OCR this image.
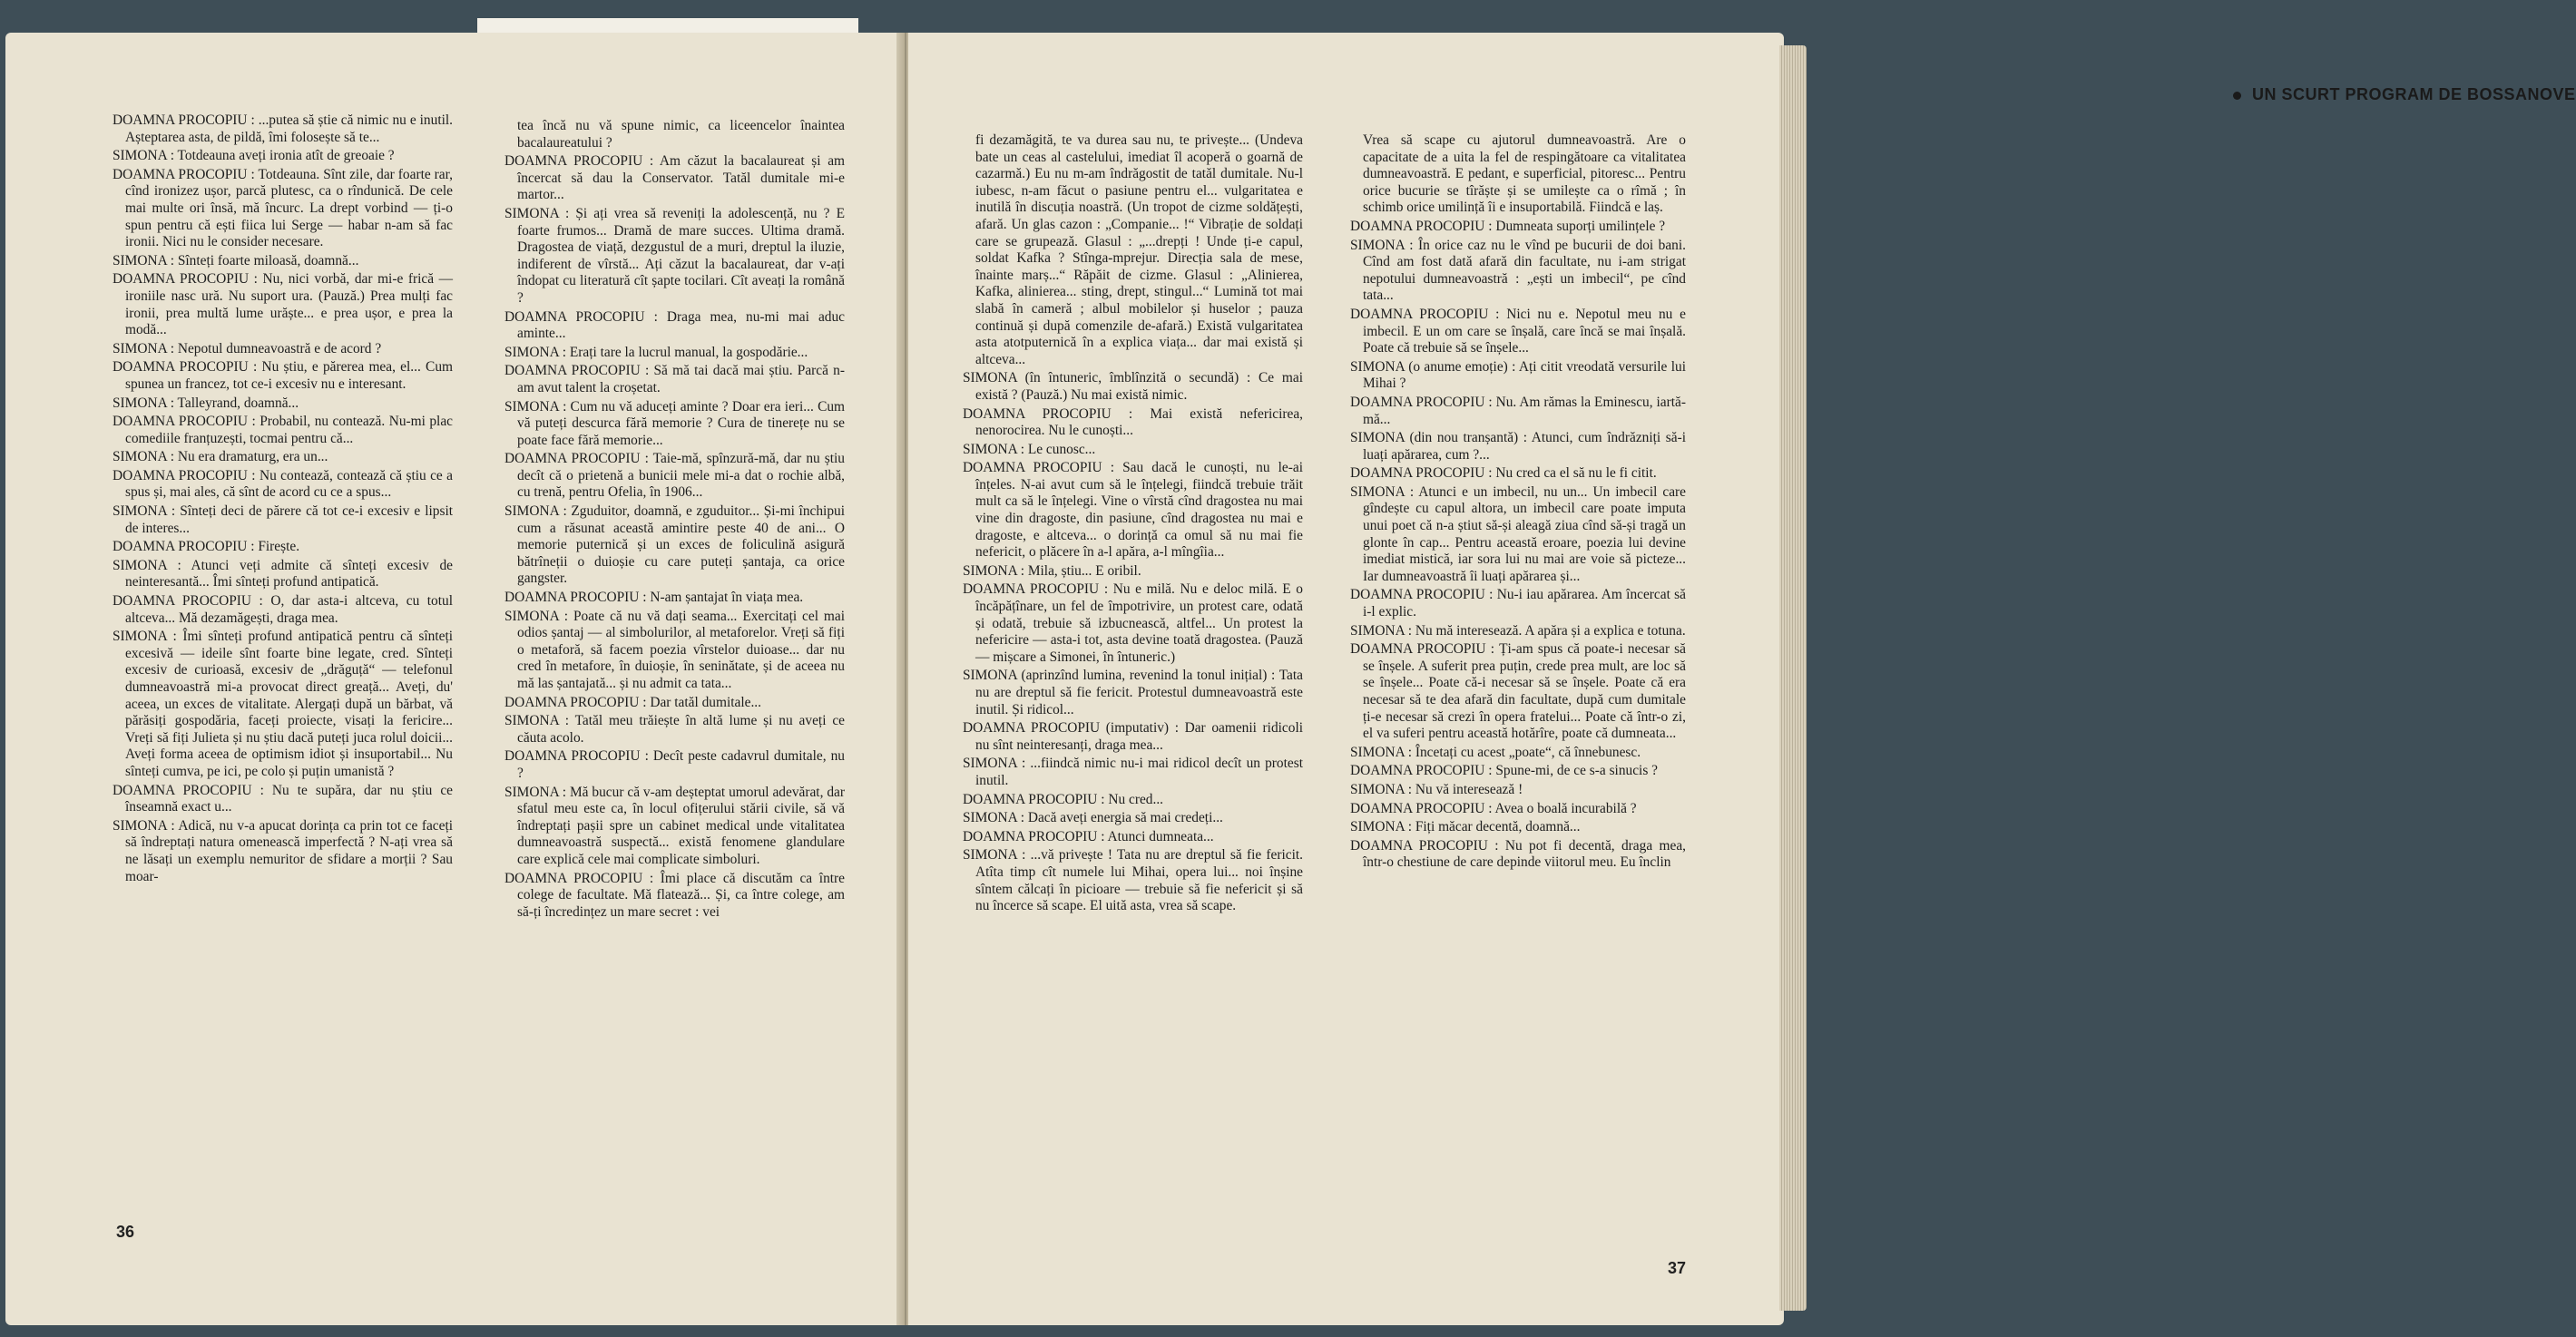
DOAMNA PROCOPIU : ...putea să știe că nimic nu e inutil. Așteptarea asta, de pildă, îmi folosește să te...

SIMONA : Totdeauna aveți ironia atît de greoaie ?

DOAMNA PROCOPIU : Totdeauna. Sînt zile, dar foarte rar, cînd ironizez ușor, parcă plutesc, ca o rîndunică. De cele mai multe ori însă, mă încurc. La drept vorbind — ți-o spun pentru că ești fiica lui Serge — habar n-am să fac ironii. Nici nu le consider necesare.

SIMONA : Sînteți foarte miloasă, doamnă...

DOAMNA PROCOPIU : Nu, nici vorbă, dar mi-e frică — ironiile nasc ură. Nu suport ura. (Pauză.) Prea mulți fac ironii, prea multă lume urăște... e prea ușor, e prea la modă...

SIMONA : Nepotul dumneavoastră e de acord ?

DOAMNA PROCOPIU : Nu știu, e părerea mea, el... Cum spunea un francez, tot ce-i excesiv nu e interesant.

SIMONA : Talleyrand, doamnă...

DOAMNA PROCOPIU : Probabil, nu contează. Nu-mi plac comediile franțuzești, tocmai pentru că...

SIMONA : Nu era dramaturg, era un...

DOAMNA PROCOPIU : Nu contează, contează că știu ce a spus și, mai ales, că sînt de acord cu ce a spus...

SIMONA : Sînteți deci de părere că tot ce-i excesiv e lipsit de interes...

DOAMNA PROCOPIU : Firește.

SIMONA : Atunci veți admite că sînteți excesiv de neinteresantă... Îmi sînteți profund antipatică.

DOAMNA PROCOPIU : O, dar asta-i altceva, cu totul altceva... Mă dezamăgești, draga mea.

SIMONA : Îmi sînteți profund antipatică pentru că sînteți excesivă — ideile sînt foarte bine legate, cred. Sînteți excesiv de curioasă, excesiv de „drăguță“ — telefonul dumneavoastră mi-a provocat direct greață... Aveți, du' aceea, un exces de vitalitate. Alergați după un bărbat, vă părăsiți gospodăria, faceți proiecte, visați la fericire... Vreți să fiți Julieta și nu știu dacă puteți juca rolul doicii... Aveți forma aceea de optimism idiot și insuportabil... Nu sînteți cumva, pe ici, pe colo și puțin umanistă ?

DOAMNA PROCOPIU : Nu te supăra, dar nu știu ce înseamnă exact u...

SIMONA : Adică, nu v-a apucat dorința ca prin tot ce faceți să îndreptați natura omenească imperfectă ? N-ați vrea să ne lăsați un exemplu nemuritor de sfidare a morții ? Sau moar-

tea încă nu vă spune nimic, ca liceencelor înaintea bacalaureatului ?

DOAMNA PROCOPIU : Am căzut la bacalaureat și am încercat să dau la Conservator. Tatăl dumitale mi-e martor...

SIMONA : Și ați vrea să reveniți la adolescență, nu ? E foarte frumos... Dramă de mare succes. Ultima dramă. Dragostea de viață, dezgustul de a muri, dreptul la iluzie, indiferent de vîrstă... Ați căzut la bacalaureat, dar v-ați îndopat cu literatură cît șapte tocilari. Cît aveați la română ?

DOAMNA PROCOPIU : Draga mea, nu-mi mai aduc aminte...

SIMONA : Erați tare la lucrul manual, la gospodărie...

DOAMNA PROCOPIU : Să mă tai dacă mai știu. Parcă n-am avut talent la croșetat.

SIMONA : Cum nu vă aduceți aminte ? Doar era ieri... Cum vă puteți descurca fără memorie ? Cura de tinerețe nu se poate face fără memorie...

DOAMNA PROCOPIU : Taie-mă, spînzură-mă, dar nu știu decît că o prietenă a bunicii mele mi-a dat o rochie albă, cu trenă, pentru Ofelia, în 1906...

SIMONA : Zguduitor, doamnă, e zguduitor... Și-mi închipui cum a răsunat această amintire peste 40 de ani... O memorie puternică și un exces de foliculină asigură bătrîneții o duioșie cu care puteți șantaja, ca orice gangster.

DOAMNA PROCOPIU : N-am șantajat în viața mea.

SIMONA : Poate că nu vă dați seama... Exercitați cel mai odios șantaj — al simbolurilor, al metaforelor. Vreți să fiți o metaforă, să facem poezia vîrstelor duioase... dar nu cred în metafore, în duioșie, în seninătate, și de aceea nu mă las șantajată... și nu admit ca tata...

DOAMNA PROCOPIU : Dar tatăl dumitale...

SIMONA : Tatăl meu trăiește în altă lume și nu aveți ce căuta acolo.

DOAMNA PROCOPIU : Decît peste cadavrul dumitale, nu ?

SIMONA : Mă bucur că v-am deșteptat umorul adevărat, dar sfatul meu este ca, în locul ofițerului stării civile, să vă îndreptați pașii spre un cabinet medical unde vitalitatea dumneavoastră suspectă... există fenomene glandulare care explică cele mai complicate simboluri.

DOAMNA PROCOPIU : Îmi place că discutăm ca între colege de facultate. Mă flatează... Și, ca între colege, am să-ți încredințez un mare secret : vei

36
UN SCURT PROGRAM DE BOSSANOVE

fi dezamăgită, te va durea sau nu, te privește... (Undeva bate un ceas al castelului, imediat îl acoperă o goarnă de cazarmă.) Eu nu m-am îndrăgostit de tatăl dumitale. Nu-l iubesc, n-am făcut o pasiune pentru el... vulgaritatea e inutilă în discuția noastră. (Un tropot de cizme soldățești, afară. Un glas cazon : „Companie... !“ Vibrație de soldați care se grupează. Glasul : „...drepți ! Unde ți-e capul, soldat Kafka ? Stînga-mprejur. Direcția sala de mese, înainte marș...“ Răpăit de cizme. Glasul : „Alinierea, Kafka, alinierea... sting, drept, stingul...“ Lumină tot mai slabă în cameră ; albul mobilelor și huselor ; pauza continuă și după comenzile de-afară.) Există vulgaritatea asta atotputernică în a explica viața... dar mai există și altceva...

SIMONA (în întuneric, îmblînzită o secundă) : Ce mai există ? (Pauză.) Nu mai există nimic.

DOAMNA PROCOPIU : Mai există nefericirea, nenorocirea. Nu le cunoști...

SIMONA : Le cunosc...

DOAMNA PROCOPIU : Sau dacă le cunoști, nu le-ai înțeles. N-ai avut cum să le înțelegi, fiindcă trebuie trăit mult ca să le înțelegi. Vine o vîrstă cînd dragostea nu mai vine din dragoste, din pasiune, cînd dragostea nu mai e dragoste, e altceva... o dorință ca omul să nu mai fie nefericit, o plăcere în a-l apăra, a-l mîngîia...

SIMONA : Mila, știu... E oribil.

DOAMNA PROCOPIU : Nu e milă. Nu e deloc milă. E o încăpățînare, un fel de împotrivire, un protest care, odată și odată, trebuie să izbucnească, altfel... Un protest la nefericire — asta-i tot, asta devine toată dragostea. (Pauză — mișcare a Simonei, în întuneric.)

SIMONA (aprinzînd lumina, revenind la tonul inițial) : Tata nu are dreptul să fie fericit. Protestul dumneavoastră este inutil. Și ridicol...

DOAMNA PROCOPIU (imputativ) : Dar oamenii ridicoli nu sînt neinteresanți, draga mea...

SIMONA : ...fiindcă nimic nu-i mai ridicol decît un protest inutil.

DOAMNA PROCOPIU : Nu cred...

SIMONA : Dacă aveți energia să mai credeți...

DOAMNA PROCOPIU : Atunci dumneata...

SIMONA : ...vă privește ! Tata nu are dreptul să fie fericit. Atîta timp cît numele lui Mihai, opera lui... noi înșine sîntem călcați în picioare — trebuie să fie nefericit și să nu încerce să scape. El uită asta, vrea să scape.

Vrea să scape cu ajutorul dumneavoastră. Are o capacitate de a uita la fel de respingătoare ca vitalitatea dumneavoastră. E pedant, e superficial, pitoresc... Pentru orice bucurie se tîrăște și se umilește ca o rîmă ; în schimb orice umilință îi e insuportabilă. Fiindcă e laș.

DOAMNA PROCOPIU : Dumneata suporți umilințele ?

SIMONA : În orice caz nu le vînd pe bucurii de doi bani. Cînd am fost dată afară din facultate, nu i-am strigat nepotului dumneavoastră : „ești un imbecil“, pe cînd tata...

DOAMNA PROCOPIU : Nici nu e. Nepotul meu nu e imbecil. E un om care se înșală, care încă se mai înșală. Poate că trebuie să se înșele...

SIMONA (o anume emoție) : Ați citit vreodată versurile lui Mihai ?

DOAMNA PROCOPIU : Nu. Am rămas la Eminescu, iartă-mă...

SIMONA (din nou tranșantă) : Atunci, cum îndrăzniți să-i luați apărarea, cum ?...

DOAMNA PROCOPIU : Nu cred ca el să nu le fi citit.

SIMONA : Atunci e un imbecil, nu un... Un imbecil care gîndește cu capul altora, un imbecil care poate imputa unui poet că n-a știut să-și aleagă ziua cînd să-și tragă un glonte în cap... Pentru această eroare, poezia lui devine imediat mistică, iar sora lui nu mai are voie să picteze... Iar dumneavoastră îi luați apărarea și...

DOAMNA PROCOPIU : Nu-i iau apărarea. Am încercat să i-l explic.

SIMONA : Nu mă interesează. A apăra și a explica e totuna.

DOAMNA PROCOPIU : Ți-am spus că poate-i necesar să se înșele. A suferit prea puțin, crede prea mult, are loc să se înșele... Poate că-i necesar să se înșele. Poate că era necesar să te dea afară din facultate, după cum dumitale ți-e necesar să crezi în opera fratelui... Poate că într-o zi, el va suferi pentru această hotărîre, poate că dumneata...

SIMONA : Încetați cu acest „poate“, că înnebunesc.

DOAMNA PROCOPIU : Spune-mi, de ce s-a sinucis ?

SIMONA : Nu vă interesează !

DOAMNA PROCOPIU : Avea o boală incurabilă ?

SIMONA : Fiți măcar decentă, doamnă...

DOAMNA PROCOPIU : Nu pot fi decentă, draga mea, într-o chestiune de care depinde viitorul meu. Eu înclin

37
